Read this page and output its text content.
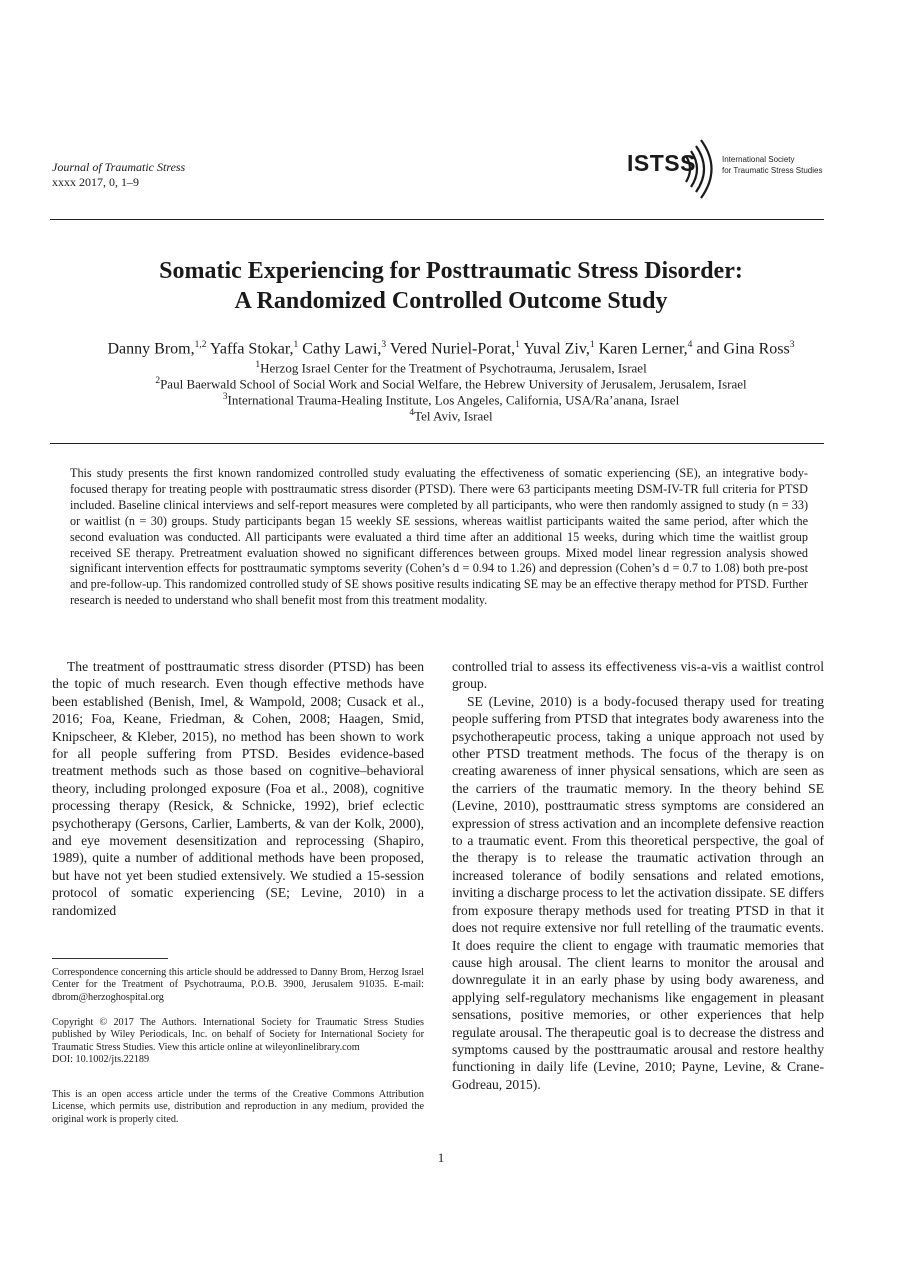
Journal of Traumatic Stress
xxxx 2017, 0, 1–9
ISTSS	International Society
for Traumatic Stress Studies
Somatic Experiencing for Posttraumatic Stress Disorder:
A Randomized Controlled Outcome Study
Danny Brom,$^{1,2}$ Yaffa Stokar,$^1$ Cathy Lawi,$^3$ Vered Nuriel-Porat,$^1$ Yuval Ziv,$^1$ Karen Lerner,$^4$ and Gina Ross$^3$
$^1$Herzog Israel Center for the Treatment of Psychotrauma, Jerusalem, Israel
$^2$Paul Baerwald School of Social Work and Social Welfare, the Hebrew University of Jerusalem, Jerusalem, Israel
$^3$International Trauma-Healing Institute, Los Angeles, California, USA/Ra’anana, Israel
$^4$Tel Aviv, Israel
This study presents the first known randomized controlled study evaluating the effectiveness of somatic experiencing (SE), an integrative body-focused therapy for treating people with posttraumatic stress disorder (PTSD). There were 63 participants meeting DSM-IV-TR full criteria for PTSD included. Baseline clinical interviews and self-report measures were completed by all participants, who were then randomly assigned to study (n = 33) or waitlist (n = 30) groups. Study participants began 15 weekly SE sessions, whereas waitlist participants waited the same period, after which the second evaluation was conducted. All participants were evaluated a third time after an additional 15 weeks, during which time the waitlist group received SE therapy. Pretreatment evaluation showed no significant differences between groups. Mixed model linear regression analysis showed significant intervention effects for posttraumatic symptoms severity (Cohen’s d = 0.94 to 1.26) and depression (Cohen’s d = 0.7 to 1.08) both pre-post and pre-follow-up. This randomized controlled study of SE shows positive results indicating SE may be an effective therapy method for PTSD. Further research is needed to understand who shall benefit most from this treatment modality.

The treatment of posttraumatic stress disorder (PTSD) has been the topic of much research. Even though effective methods have been established (Benish, Imel, & Wampold, 2008; Cusack et al., 2016; Foa, Keane, Friedman, & Cohen, 2008; Haagen, Smid, Knipscheer, & Kleber, 2015), no method has been shown to work for all people suffering from PTSD. Besides evidence-based treatment methods such as those based on cognitive–behavioral theory, including prolonged exposure (Foa et al., 2008), cognitive processing therapy (Resick, & Schnicke, 1992), brief eclectic psychotherapy (Gersons, Carlier, Lamberts, & van der Kolk, 2000), and eye movement desensitization and reprocessing (Shapiro, 1989), quite a number of additional methods have been proposed, but have not yet been studied extensively. We studied a 15-session protocol of somatic experiencing (SE; Levine, 2010) in a randomized

controlled trial to assess its effectiveness vis-a-vis a waitlist control group.

SE (Levine, 2010) is a body-focused therapy used for treating people suffering from PTSD that integrates body awareness into the psychotherapeutic process, taking a unique approach not used by other PTSD treatment methods. The focus of the therapy is on creating awareness of inner physical sensations, which are seen as the carriers of the traumatic memory. In the theory behind SE (Levine, 2010), posttraumatic stress symptoms are considered an expression of stress activation and an incomplete defensive reaction to a traumatic event. From this theoretical perspective, the goal of the therapy is to release the traumatic activation through an increased tolerance of bodily sensations and related emotions, inviting a discharge process to let the activation dissipate. SE differs from exposure therapy methods used for treating PTSD in that it does not require extensive nor full retelling of the traumatic events. It does require the client to engage with traumatic memories that cause high arousal. The client learns to monitor the arousal and downregulate it in an early phase by using body awareness, and applying self-regulatory mechanisms like engagement in pleasant sensations, positive memories, or other experiences that help regulate arousal. The therapeutic goal is to decrease the distress and symptoms caused by the posttraumatic arousal and restore healthy functioning in daily life (Levine, 2010; Payne, Levine, & Crane-Godreau, 2015).

Correspondence concerning this article should be addressed to Danny Brom, Herzog Israel Center for the Treatment of Psychotrauma, P.O.B. 3900, Jerusalem 91035. E-mail: dbrom@herzoghospital.org
Copyright © 2017 The Authors. International Society for Traumatic Stress Studies published by Wiley Periodicals, Inc. on behalf of Society for International Society for Traumatic Stress Studies. View this article online at wileyonlinelibrary.com
DOI: 10.1002/jts.22189
This is an open access article under the terms of the Creative Commons Attribution License, which permits use, distribution and reproduction in any medium, provided the original work is properly cited.
1
